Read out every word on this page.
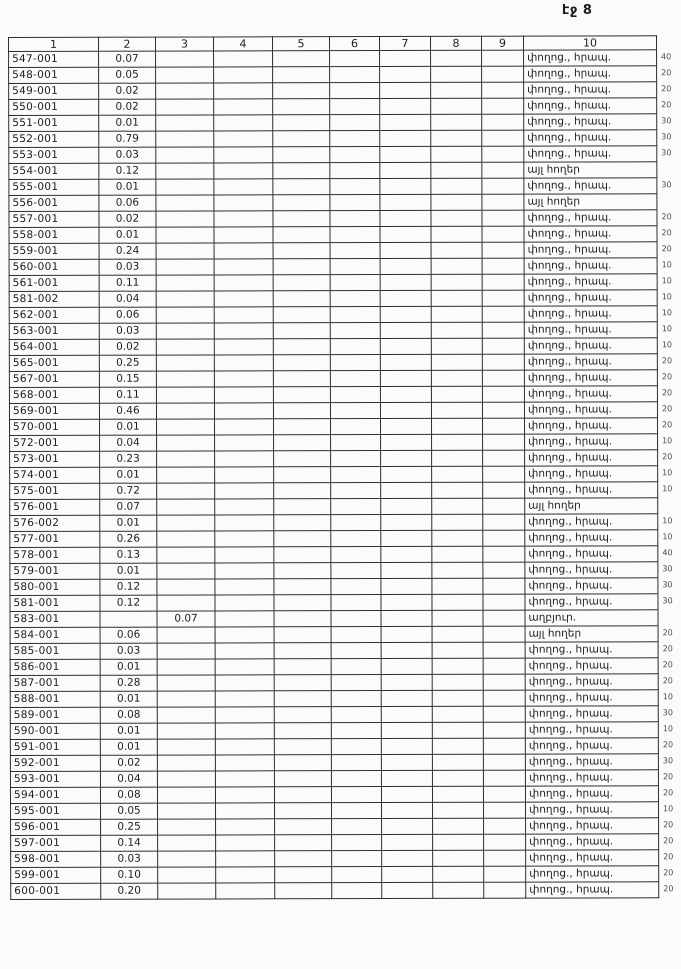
էջ 8
1	2	3	4	5	6	7	8	9	10
547-001	0.07								փողոց., հրապ. 40

548-001	0.05								փողոց., հրապ. 20

549-001	0.02								փողոց., հրապ. 20

550-001	0.02								փողոց., հրապ. 20

551-001	0.01								փողոց., հրապ. 30

552-001	0.79								փողոց., հրապ. 30

553-001	0.03								փողոց., հրապ. 30

554-001	0.12								այլ հողեր
555-001	0.01								փողոց., հրապ. 30

556-001	0.06								այլ հողեր
557-001	0.02								փողոց., հրապ. 20

558-001	0.01								փողոց., հրապ. 20

559-001	0.24								փողոց., հրապ. 20

560-001	0.03								փողոց., հրապ. 10

561-001	0.11								փողոց., հրապ. 10

581-002	0.04								փողոց., հրապ. 10

562-001	0.06								փողոց., հրապ. 10

563-001	0.03								փողոց., հրապ. 10

564-001	0.02								փողոց., հրապ. 10

565-001	0.25								փողոց., հրապ. 20

567-001	0.15								փողոց., հրապ. 20

568-001	0.11								փողոց., հրապ. 20

569-001	0.46								փողոց., հրապ. 20

570-001	0.01								փողոց., հրապ. 20

572-001	0.04								փողոց., հրապ. 10

573-001	0.23								փողոց., հրապ. 20

574-001	0.01								փողոց., հրապ. 10

575-001	0.72								փողոց., հրապ. 10

576-001	0.07								այլ հողեր
576-002	0.01								փողոց., հրապ. 10

577-001	0.26								փողոց., հրապ. 10

578-001	0.13								փողոց., հրապ. 40

579-001	0.01								փողոց., հրապ. 30

580-001	0.12								փողոց., հրապ. 30

581-001	0.12								փողոց., հրապ. 30

583-001		0.07							աղբյուր.
584-001	0.06								այլ հողեր 20

585-001	0.03								փողոց., հրապ. 20

586-001	0.01								փողոց., հրապ. 20

587-001	0.28								փողոց., հրապ. 20

588-001	0.01								փողոց., հրապ. 10

589-001	0.08								փողոց., հրապ. 30

590-001	0.01								փողոց., հրապ. 10

591-001	0.01								փողոց., հրապ. 20

592-001	0.02								փողոց., հրապ. 30

593-001	0.04								փողոց., հրապ. 20

594-001	0.08								փողոց., հրապ. 20

595-001	0.05								փողոց., հրապ. 10

596-001	0.25								փողոց., հրապ. 20

597-001	0.14								փողոց., հրապ. 20

598-001	0.03								փողոց., հրապ. 20

599-001	0.10								փողոց., հրապ. 20

600-001	0.20								փողոց., հրապ. 20
